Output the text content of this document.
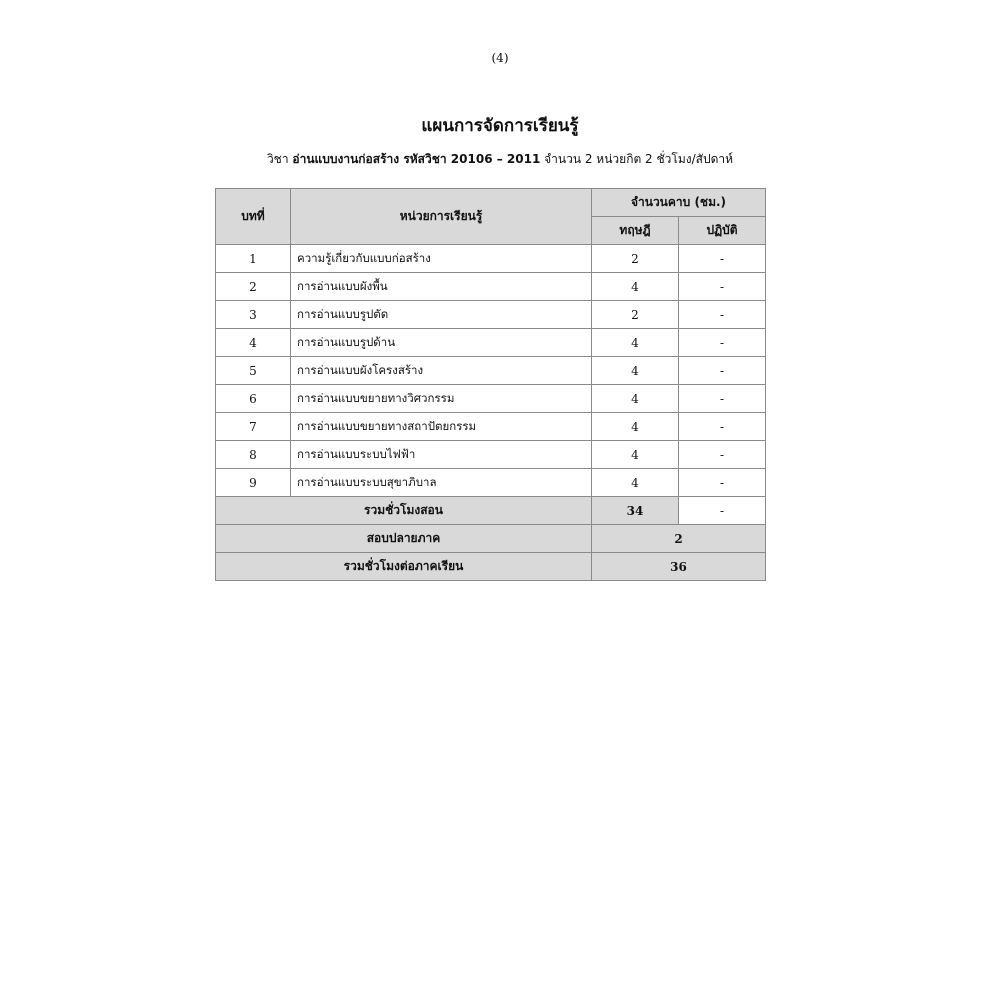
(4)
แผนการจัดการเรียนรู้
วิชา อ่านแบบงานก่อสร้าง รหัสวิชา 20106 – 2011 จำนวน 2 หน่วยกิต 2 ชั่วโมง/สัปดาห์
บทที่	หน่วยการเรียนรู้	จำนวนคาบ (ชม.)	
		ทฤษฎี	ปฏิบัติ
1	ความรู้เกี่ยวกับแบบก่อสร้าง	2	-
2	การอ่านแบบผังพื้น	4	-
3	การอ่านแบบรูปตัด	2	-
4	การอ่านแบบรูปด้าน	4	-
5	การอ่านแบบผังโครงสร้าง	4	-
6	การอ่านแบบขยายทางวิศวกรรม	4	-
7	การอ่านแบบขยายทางสถาปัตยกรรม	4	-
8	การอ่านแบบระบบไฟฟ้า	4	-
9	การอ่านแบบระบบสุขาภิบาล	4	-
รวมชั่วโมงสอน		34	-
สอบปลายภาค		2	
รวมชั่วโมงต่อภาคเรียน		36	
